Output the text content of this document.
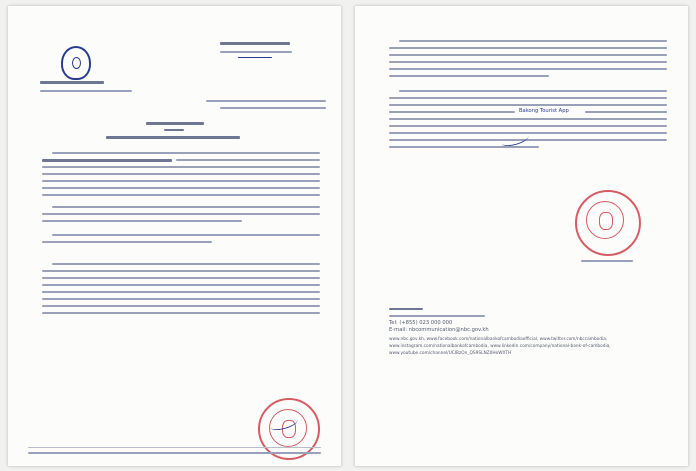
Bakong Tourist App
Tel: (+855) 023 000 000
E-mail: nbcommunication@nbc.gov.kh
www.nbc.gov.kh, www.facebook.com/nationalbankofcambodiaofficial, www.twitter.com/nbccambodia,
www.instagram.com/nationalbankofcambodia, www.linkedin.com/company/national-bank-of-cambodia,
www.youtube.com/channel/UCIBzOn_QS9SLNZ0HoWXTH
